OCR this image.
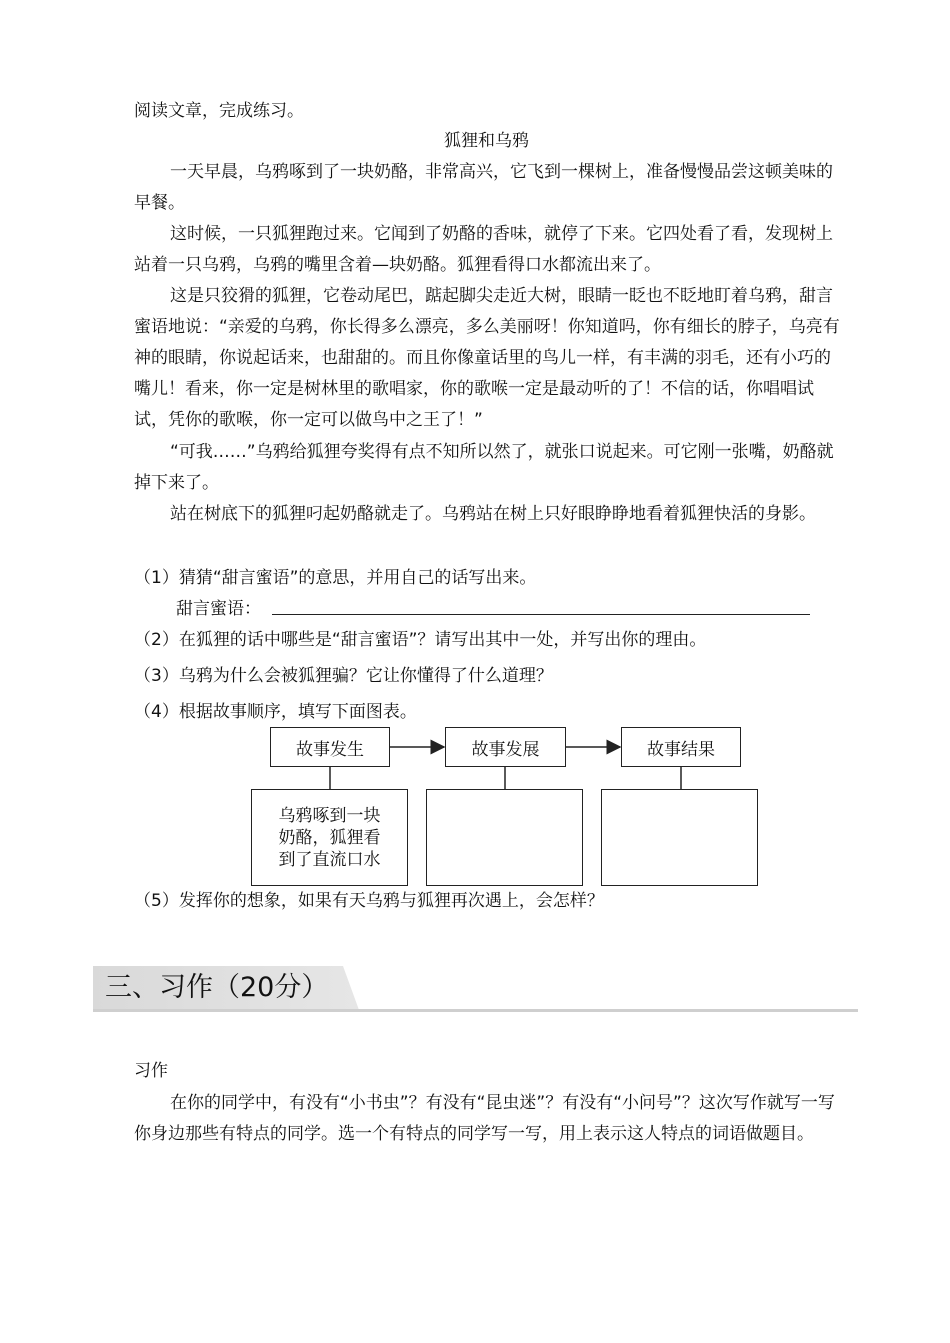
阅读文章，完成练习。
狐狸和乌鸦

一天早晨，乌鸦啄到了一块奶酪，非常高兴，它飞到一棵树上，准备慢慢品尝这顿美味的早餐。

这时候，一只狐狸跑过来。它闻到了奶酪的香味，就停了下来。它四处看了看，发现树上站着一只乌鸦，乌鸦的嘴里含着—块奶酪。狐狸看得口水都流出来了。

这是只狡猾的狐狸，它卷动尾巴，踮起脚尖走近大树，眼睛一眨也不眨地盯着乌鸦，甜言蜜语地说：“亲爱的乌鸦，你长得多么漂亮，多么美丽呀！你知道吗，你有细长的脖子，乌亮有神的眼睛，你说起话来，也甜甜的。而且你像童话里的鸟儿一样，有丰满的羽毛，还有小巧的嘴儿！看来，你一定是树林里的歌唱家，你的歌喉一定是最动听的了！不信的话，你唱唱试试，凭你的歌喉，你一定可以做鸟中之王了！”

“可我……”乌鸦给狐狸夸奖得有点不知所以然了，就张口说起来。可它刚一张嘴，奶酪就掉下来了。

站在树底下的狐狸叼起奶酪就走了。乌鸦站在树上只好眼睁睁地看着狐狸快活的身影。

（1）猜猜“甜言蜜语”的意思，并用自己的话写出来。
甜言蜜语：
（2）在狐狸的话中哪些是“甜言蜜语”？请写出其中一处，并写出你的理由。
（3）乌鸦为什么会被狐狸骗？它让你懂得了什么道理？
（4）根据故事顺序，填写下面图表。
故事发生	故事发展	故事结果
乌鸦啄到一块
奶酪，狐狸看
到了直流口水
（5）发挥你的想象，如果有天乌鸦与狐狸再次遇上，会怎样？
三、习作（20分）
习作

在你的同学中，有没有“小书虫”？有没有“昆虫迷”？有没有“小问号”？这次写作就写一写你身边那些有特点的同学。选一个有特点的同学写一写，用上表示这人特点的词语做题目。
